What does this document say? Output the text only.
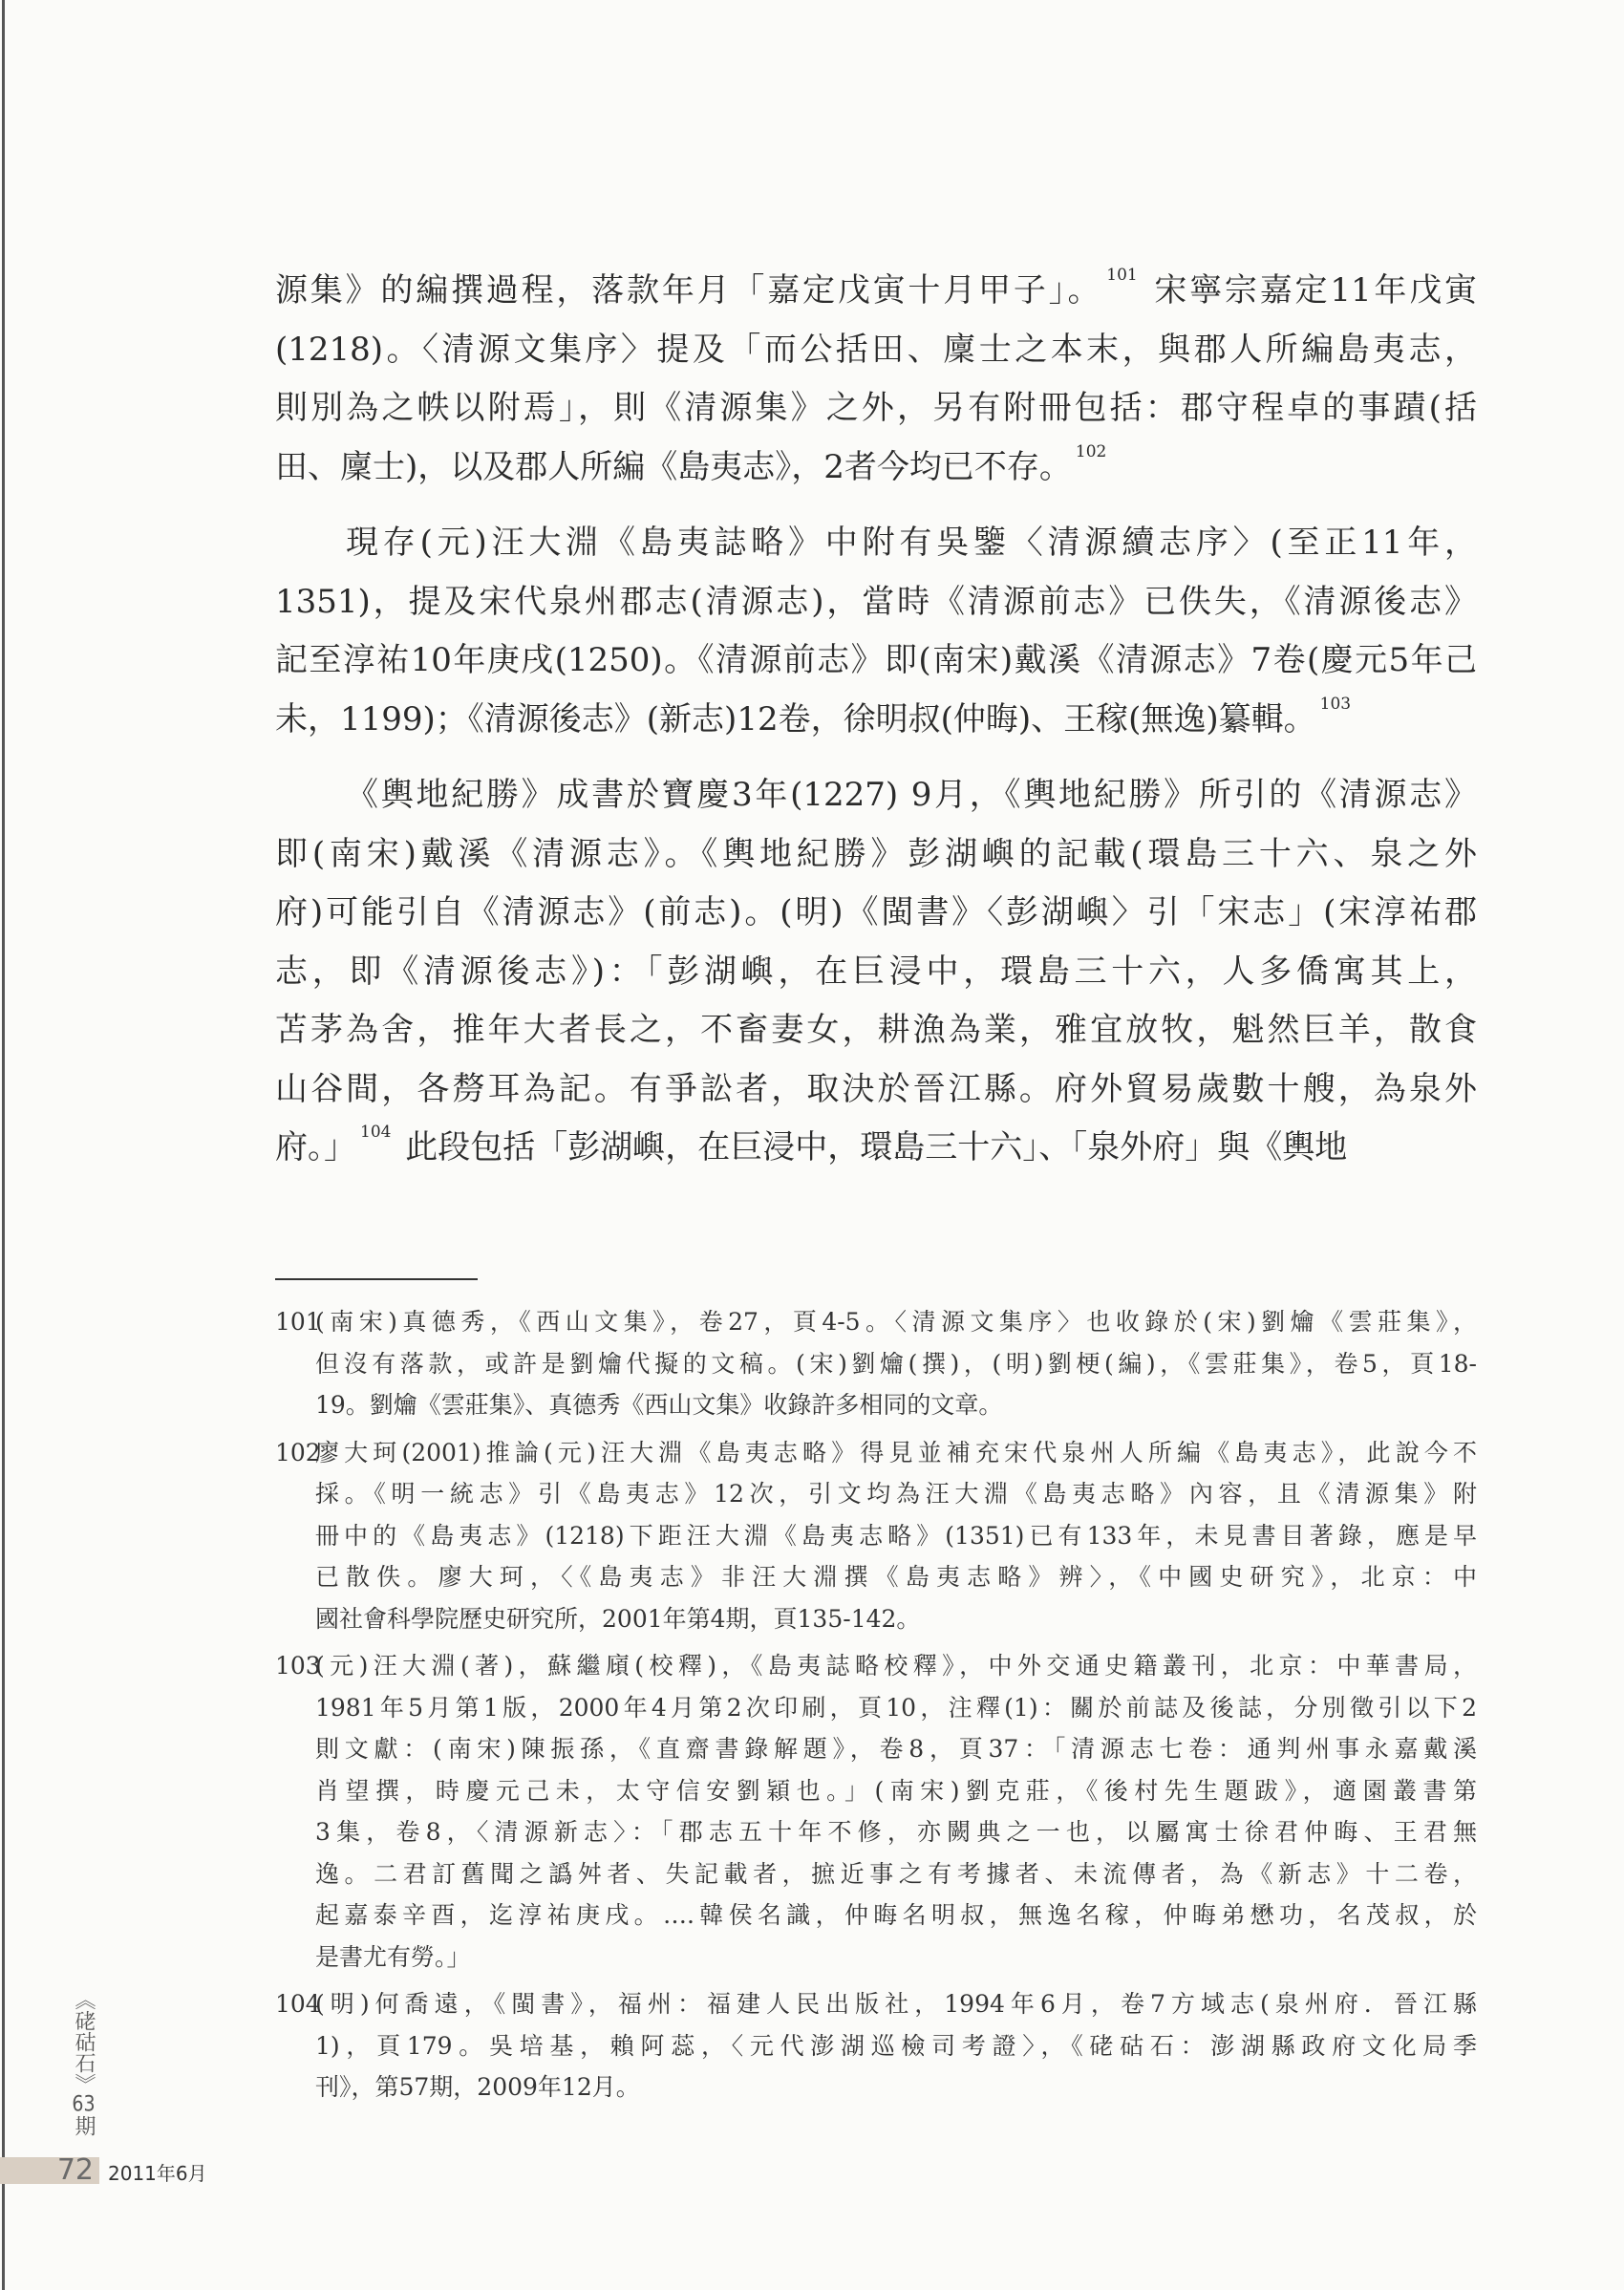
源集》的編撰過程，落款年月「嘉定戊寅十月甲子」。 $^{101}$ 宋寧宗嘉定11年戊寅
(1218)。〈清源文集序〉提及「而公括田、廩士之本末，與郡人所編島夷志，
則別為之帙以附焉」，則《清源集》之外，另有附冊包括：郡守程卓的事蹟(括
田、廩士)，以及郡人所編《島夷志》，2者今均已不存。 $^{102}$
現存(元)汪大淵《島夷誌略》中附有吳鑒〈清源續志序〉(至正11年，
1351)，提及宋代泉州郡志(清源志)，當時《清源前志》已佚失，《清源後志》
記至淳祐10年庚戌(1250)。《清源前志》即(南宋)戴溪《清源志》7卷(慶元5年己
未，1199)；《清源後志》(新志)12卷，徐明叔(仲晦)、王稼(無逸)纂輯。 $^{103}$
《輿地紀勝》成書於寶慶3年(1227) 9月，《輿地紀勝》所引的《清源志》
即(南宋)戴溪《清源志》。《輿地紀勝》彭湖嶼的記載(環島三十六、泉之外
府)可能引自《清源志》(前志)。(明)《閩書》〈彭湖嶼〉引「宋志」(宋淳祐郡
志，即《清源後志》)：「彭湖嶼，在巨浸中，環島三十六，人多僑寓其上，
苫茅為舍，推年大者長之，不畜妻女，耕漁為業，雅宜放牧，魁然巨羊，散食
山谷間，各剺耳為記。有爭訟者，取決於晉江縣。府外貿易歲數十艘，為泉外
府。」 $^{104}$ 此段包括「彭湖嶼，在巨浸中，環島三十六」、「泉外府」與《輿地
101
(南宋)真德秀，《西山文集》，卷27，頁4-5。〈清源文集序〉也收錄於(宋)劉爚《雲莊集》，
但沒有落款，或許是劉爚代擬的文稿。(宋)劉爚(撰)，(明)劉梗(編)，《雲莊集》，卷5，頁18-
19。劉爚《雲莊集》、真德秀《西山文集》收錄許多相同的文章。
102
廖大珂(2001)推論(元)汪大淵《島夷志略》得見並補充宋代泉州人所編《島夷志》，此說今不
採。《明一統志》引《島夷志》12次，引文均為汪大淵《島夷志略》內容，且《清源集》附
冊中的《島夷志》(1218)下距汪大淵《島夷志略》(1351)已有133年，未見書目著錄，應是早
已散佚。廖大珂，〈《島夷志》非汪大淵撰《島夷志略》辨〉，《中國史研究》，北京：中
國社會科學院歷史研究所，2001年第4期，頁135-142。
103
(元)汪大淵(著)，蘇繼廎(校釋)，《島夷誌略校釋》，中外交通史籍叢刊，北京：中華書局，
1981年5月第1版，2000年4月第2次印刷，頁10，注釋(1)：關於前誌及後誌，分別徵引以下2
則文獻：(南宋)陳振孫，《直齋書錄解題》，卷8，頁37：「清源志七卷：通判州事永嘉戴溪
肖望撰，時慶元己未，太守信安劉穎也。」(南宋)劉克莊，《後村先生題跋》，適園叢書第
3集，卷8，〈清源新志〉：「郡志五十年不修，亦闕典之一也，以屬寓士徐君仲晦、王君無
逸。二君訂舊聞之譌舛者、失記載者，摭近事之有考據者、未流傳者，為《新志》十二卷，
起嘉泰辛酉，迄淳祐庚戌。….韓侯名識，仲晦名明叔，無逸名稼，仲晦弟懋功，名茂叔，於
是書尤有勞。」
104
(明)何喬遠，《閩書》，福州：福建人民出版社，1994年6月，卷7方域志(泉州府．晉江縣
1)，頁179。吳培基，賴阿蕊，〈元代澎湖巡檢司考證〉，《硓𥑮石：澎湖縣政府文化局季
刊》，第57期，2009年12月。
《硓𥑮石》63期
72 2011年6月
